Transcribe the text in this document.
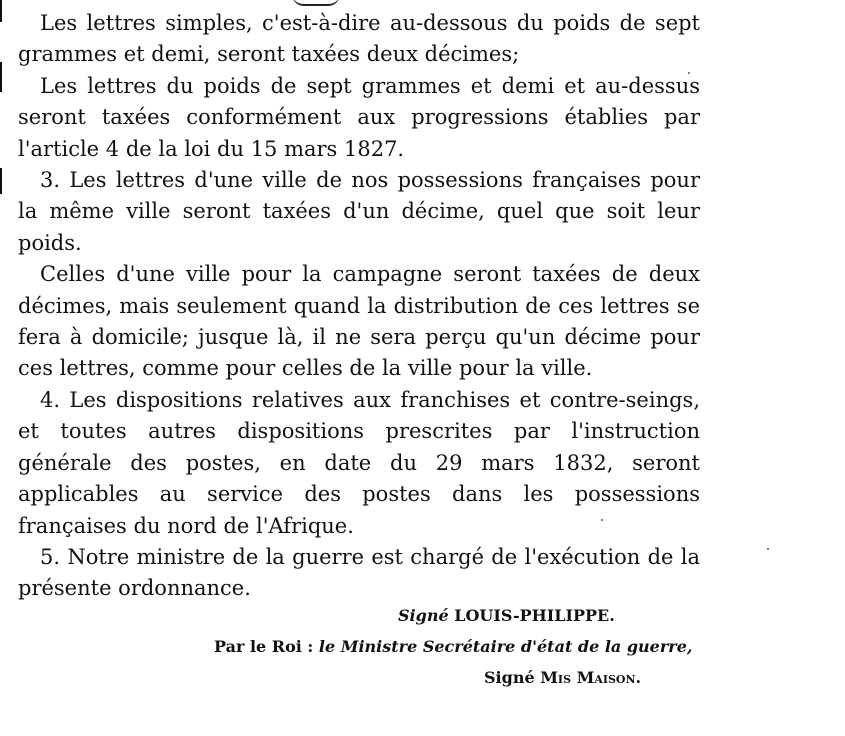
Les lettres simples, c'est-à-dire au-dessous du poids de sept grammes et demi, seront taxées deux décimes;

Les lettres du poids de sept grammes et demi et au-dessus seront taxées conformément aux progressions établies par l'article 4 de la loi du 15 mars 1827.

3. Les lettres d'une ville de nos possessions françaises pour la même ville seront taxées d'un décime, quel que soit leur poids.

Celles d'une ville pour la campagne seront taxées de deux décimes, mais seulement quand la distribution de ces lettres se fera à domicile; jusque là, il ne sera perçu qu'un décime pour ces lettres, comme pour celles de la ville pour la ville.

4. Les dispositions relatives aux franchises et contre-seings, et toutes autres dispositions prescrites par l'instruction générale des postes, en date du 29 mars 1832, seront applicables au service des postes dans les possessions françaises du nord de l'Afrique.

5. Notre ministre de la guerre est chargé de l'exécution de la présente ordonnance.

Signé LOUIS-PHILIPPE.
Par le Roi : le Ministre Secrétaire d'état de la guerre,
Signé Mis Maison.
